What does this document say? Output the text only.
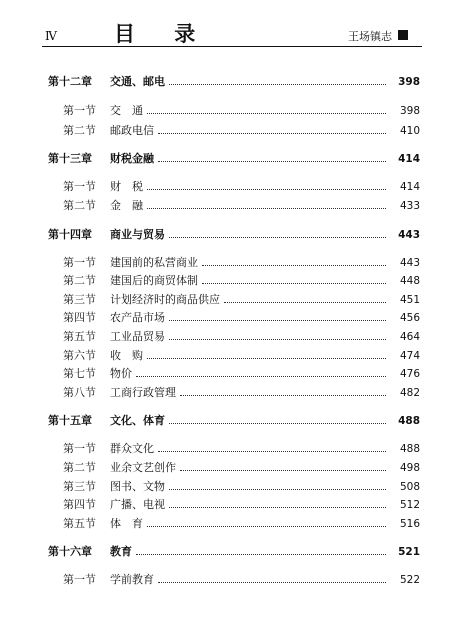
Ⅳ	目 录	王场镇志
第十二章 交通、邮电	398
第一节 交　通	398
第二节 邮政电信	410
第十三章 财税金融	414
第一节 财　税	414
第二节 金　融	433
第十四章 商业与贸易	443
第一节 建国前的私营商业	443
第二节 建国后的商贸体制	448
第三节 计划经济时的商品供应	451
第四节 农产品市场	456
第五节 工业品贸易	464
第六节 收　购	474
第七节 物价	476
第八节 工商行政管理	482
第十五章 文化、体育	488
第一节 群众文化	488
第二节 业余文艺创作	498
第三节 图书、文物	508
第四节 广播、电视	512
第五节 体　育	516
第十六章 教育	521
第一节 学前教育	522
